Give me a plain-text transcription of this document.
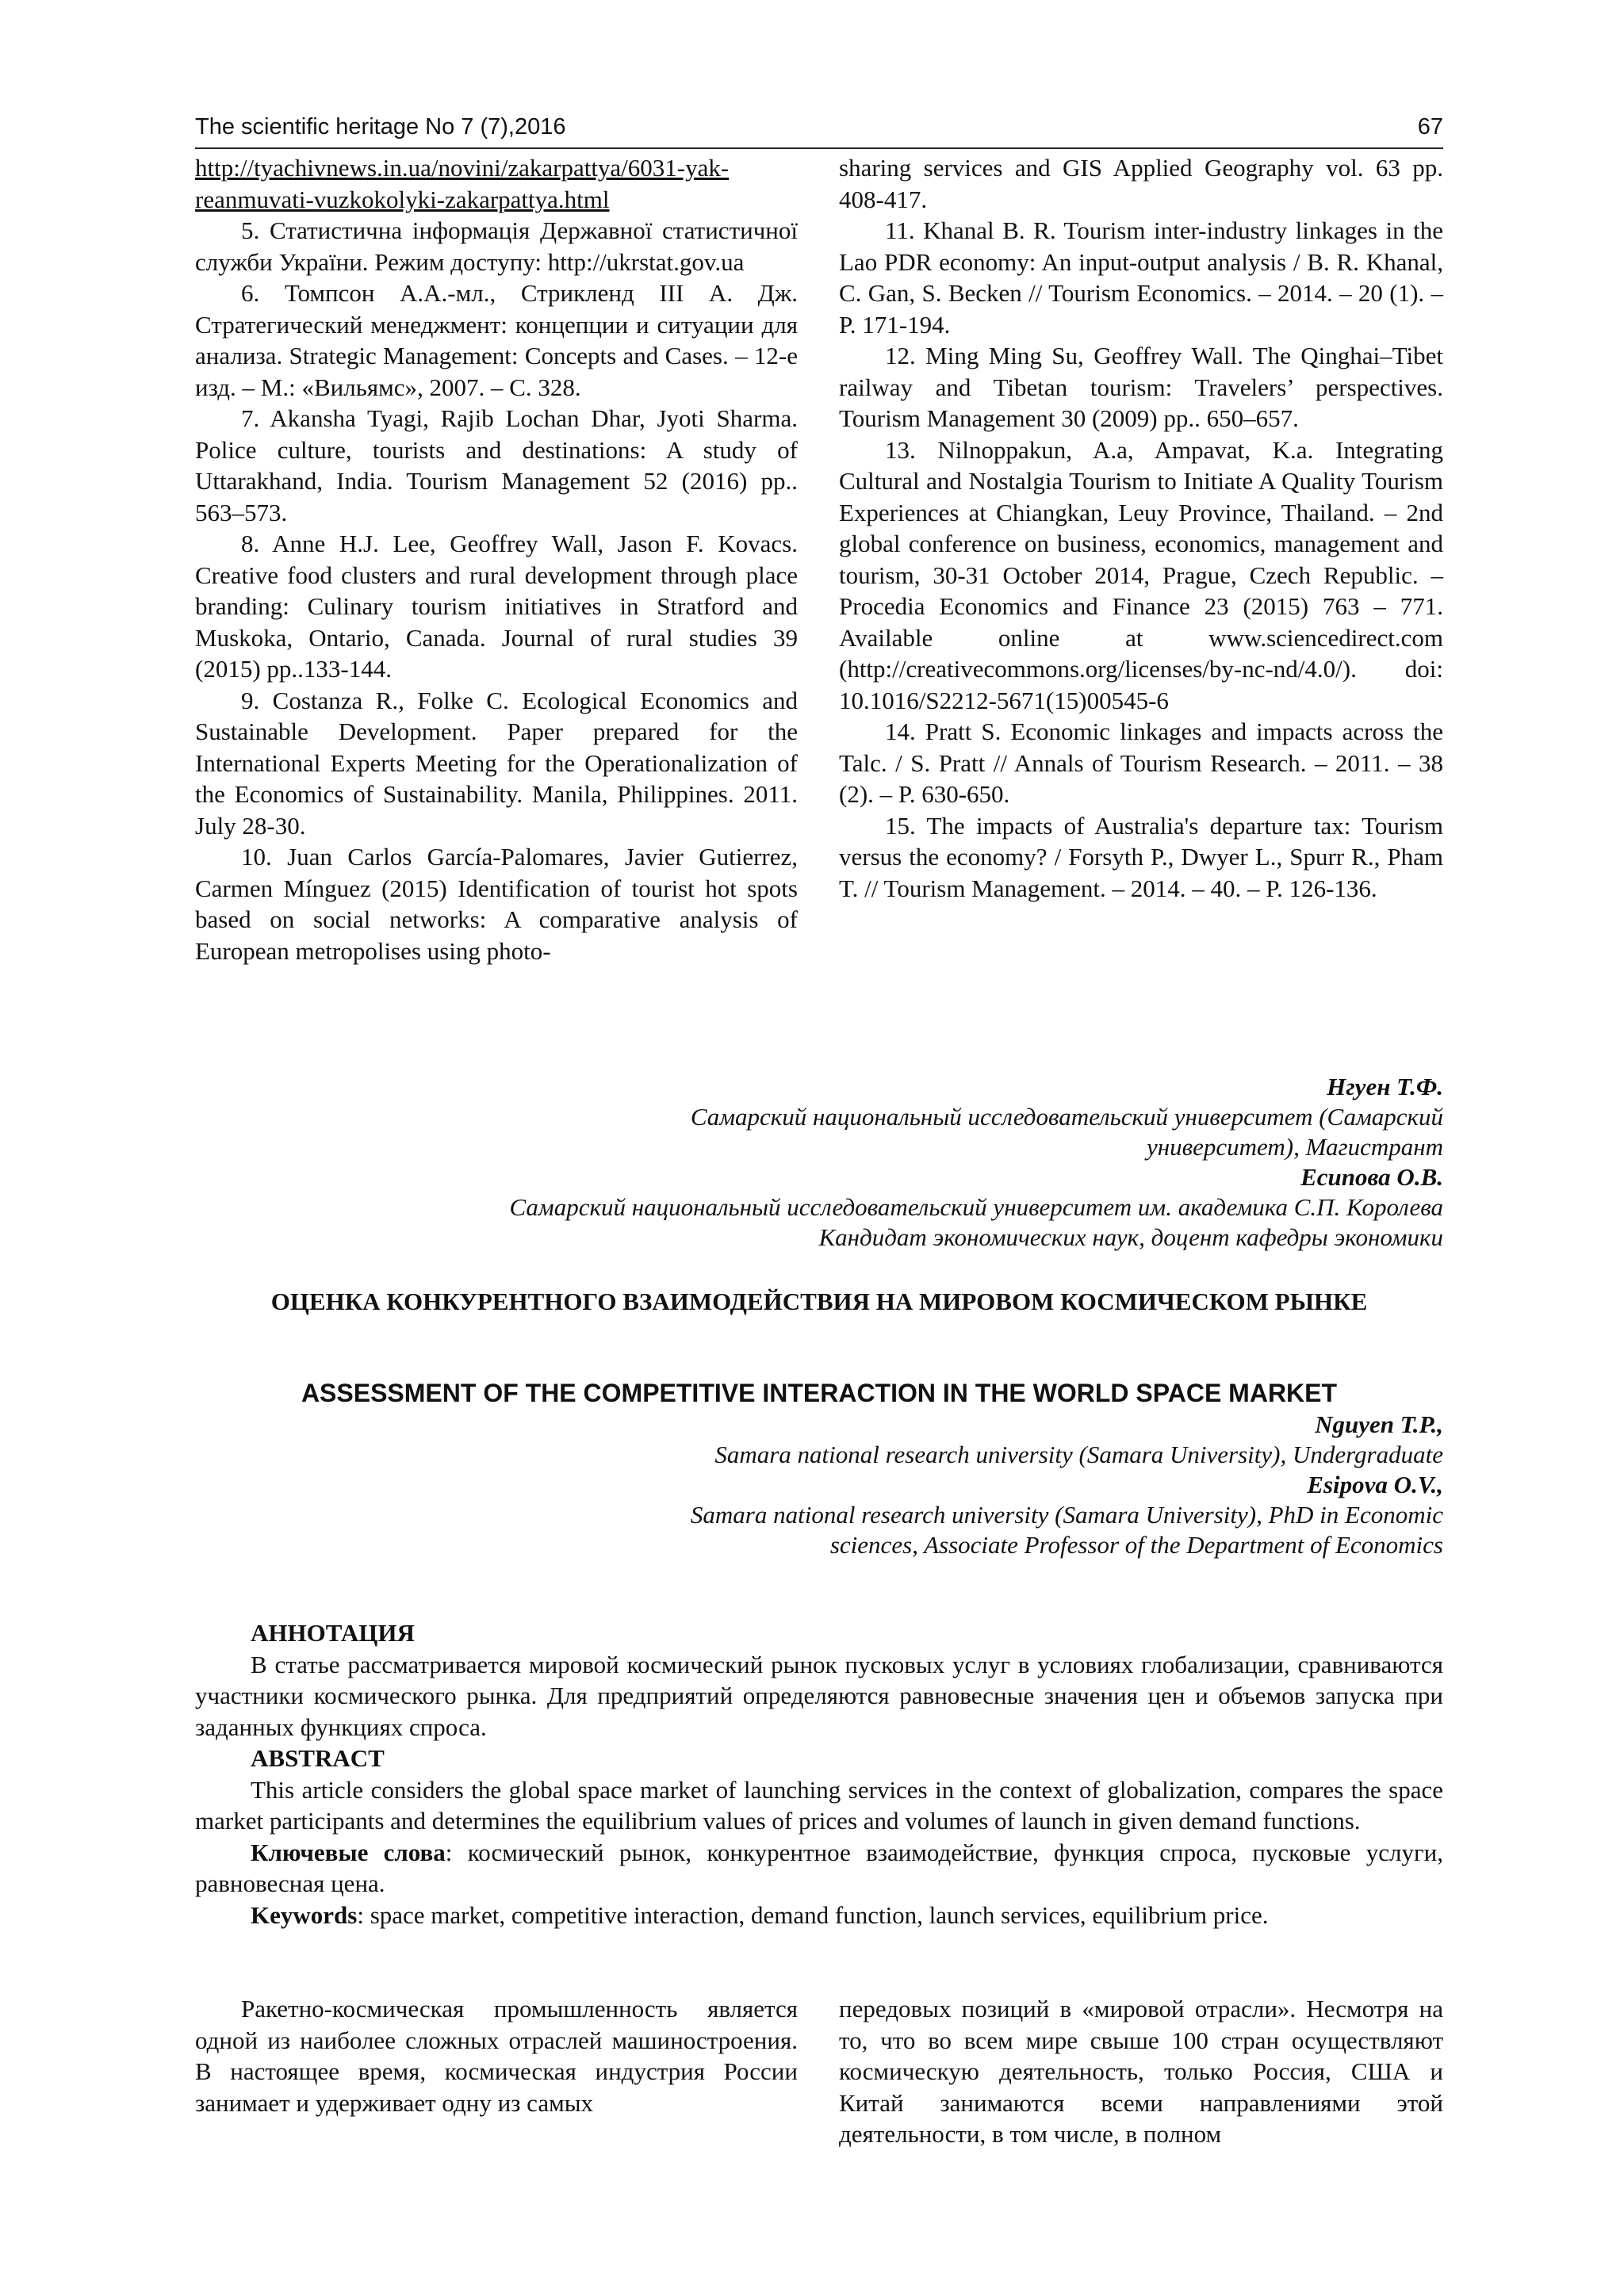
The scientific heritage No 7 (7),2016	67

http://tyachivnews.in.ua/novini/zakarpattya/6031-yak-reanmuvati-vuzkokolyki-zakarpattya.html

5. Статистична інформація Державної статистичної служби України. Режим доступу: http://ukrstat.gov.ua

6. Томпсон А.А.-мл., Стрикленд III А. Дж. Стратегический менеджмент: концепции и ситуации для анализа. Strategic Management: Concepts and Cases. – 12-е изд. – М.: «Вильямс», 2007. – С. 328.

7. Akansha Tyagi, Rajib Lochan Dhar, Jyoti Sharma. Police culture, tourists and destinations: A study of Uttarakhand, India. Tourism Management 52 (2016) pp.. 563–573.

8. Anne H.J. Lee, Geoffrey Wall, Jason F. Kovacs. Creative food clusters and rural development through place branding: Culinary tourism initiatives in Stratford and Muskoka, Ontario, Canada. Journal of rural studies 39 (2015) pp..133-144.

9. Costanza R., Folke C. Ecological Economics and Sustainable Development. Paper prepared for the International Experts Meeting for the Operationalization of the Economics of Sustainability. Manila, Philippines. 2011. July 28-30.

10. Juan Carlos García-Palomares, Javier Gutierrez, Carmen Mínguez (2015) Identification of tourist hot spots based on social networks: A comparative analysis of European metropolises using photo-

sharing services and GIS Applied Geography vol. 63 pp. 408-417.

11. Khanal B. R. Tourism inter-industry linkages in the Lao PDR economy: An input-output analysis / B. R. Khanal, C. Gan, S. Becken // Tourism Economics. – 2014. – 20 (1). – P. 171-194.

12. Ming Ming Su, Geoffrey Wall. The Qinghai–Tibet railway and Tibetan tourism: Travelers’ perspectives. Tourism Management 30 (2009) pp.. 650–657.

13. Nilnoppakun, A.a, Ampavat, K.a. Integrating Cultural and Nostalgia Tourism to Initiate A Quality Tourism Experiences at Chiangkan, Leuy Province, Thailand. – 2nd global conference on business, economics, management and tourism, 30-31 October 2014, Prague, Czech Republic. – Procedia Economics and Finance 23 (2015) 763 – 771. Available online at www.sciencedirect.com (http://creativecommons.org/licenses/by-nc-nd/4.0/). doi: 10.1016/S2212-5671(15)00545-6

14. Pratt S. Economic linkages and impacts across the Talc. / S. Pratt // Annals of Tourism Research. – 2011. – 38 (2). – P. 630-650.

15. The impacts of Australia's departure tax: Tourism versus the economy? / Forsyth P., Dwyer L., Spurr R., Pham T. // Tourism Management. – 2014. – 40. – P. 126-136.

Нгуен Т.Ф.
Самарский национальный исследовательский университет (Самарский университет), Магистрант
Есипова О.В.
Самарский национальный исследовательский университет им. академика С.П. Королева Кандидат экономических наук, доцент кафедры экономики
ОЦЕНКА КОНКУРЕНТНОГО ВЗАИМОДЕЙСТВИЯ НА МИРОВОМ КОСМИЧЕСКОМ РЫНКЕ
ASSESSMENT OF THE COMPETITIVE INTERACTION IN THE WORLD SPACE MARKET
Nguyen T.P.,
Samara national research university (Samara University), Undergraduate
Esipova O.V.,
Samara national research university (Samara University), PhD in Economic sciences, Associate Professor of the Department of Economics

АННОТАЦИЯ

В статье рассматривается мировой космический рынок пусковых услуг в условиях глобализации, сравниваются участники космического рынка. Для предприятий определяются равновесные значения цен и объемов запуска при заданных функциях спроса.

ABSTRACT

This article considers the global space market of launching services in the context of globalization, compares the space market participants and determines the equilibrium values of prices and volumes of launch in given demand functions.

Ключевые слова: космический рынок, конкурентное взаимодействие, функция спроса, пусковые услуги, равновесная цена.

Keywords: space market, competitive interaction, demand function, launch services, equilibrium price.

Ракетно-космическая промышленность является одной из наиболее сложных отраслей машиностроения. В настоящее время, космическая индустрия России занимает и удерживает одну из самых

передовых позиций в «мировой отрасли». Несмотря на то, что во всем мире свыше 100 стран осуществляют космическую деятельность, только Россия, США и Китай занимаются всеми направлениями этой деятельности, в том числе, в полном
